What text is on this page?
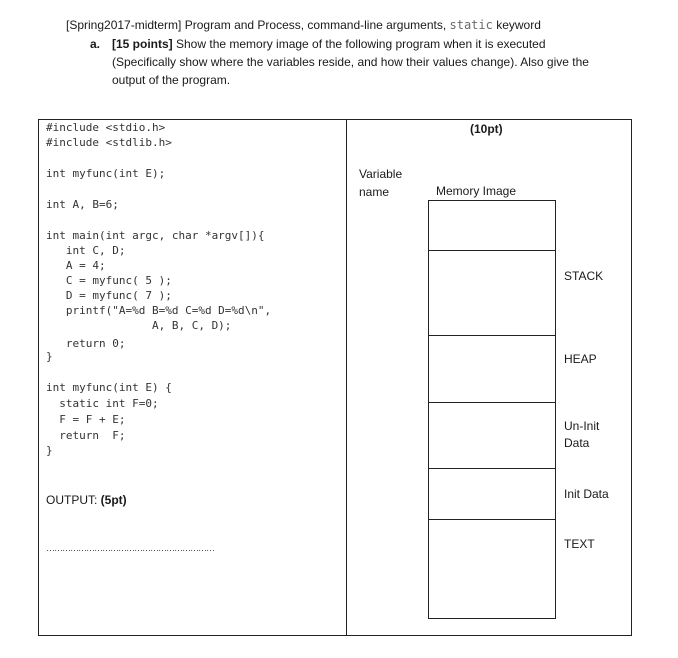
[Spring2017-midterm] Program and Process, command-line arguments, static keyword
a. [15 points] Show the memory image of the following program when it is executed
(Specifically show where the variables reside, and how their values change). Also give the
output of the program.
#include <stdio.h>
#include <stdlib.h>
int myfunc(int E);
int A, B=6;
int main(int argc, char *argv[]){
int C, D;
A = 4;
C = myfunc( 5 );
D = myfunc( 7 );
printf("A=%d B=%d C=%d D=%d\n",
A, B, C, D);
return 0;
}
int myfunc(int E) {
static int F=0;
F = F + E;
return  F;
}
OUTPUT: (5pt)
………………………………………………………
(10pt)
Variable
name	Memory Image
STACK
HEAP
Un-Init
Data
Init Data
TEXT
